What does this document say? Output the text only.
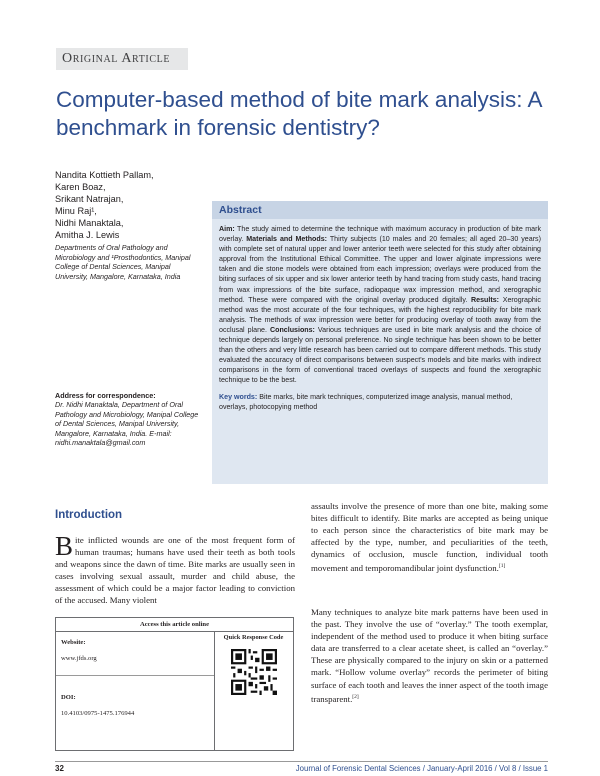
Original Article
Computer-based method of bite mark analysis: A benchmark in forensic dentistry?
Nandita Kottieth Pallam,
Karen Boaz,
Srikant Natrajan,
Minu Raj¹,
Nidhi Manaktala,
Amitha J. Lewis
Departments of Oral Pathology and Microbiology and ¹Prosthodontics, Manipal College of Dental Sciences, Manipal University, Mangalore, Karnataka, India
Address for correspondence:
Dr. Nidhi Manaktala, Department of Oral Pathology and Microbiology, Manipal College of Dental Sciences, Manipal University, Mangalore, Karnataka, India. E-mail: nidhi.manaktala@gmail.com
Abstract
Aim: The study aimed to determine the technique with maximum accuracy in production of bite mark overlay. Materials and Methods: Thirty subjects (10 males and 20 females; all aged 20–30 years) with complete set of natural upper and lower anterior teeth were selected for this study after obtaining approval from the Institutional Ethical Committee. The upper and lower alginate impressions were taken and die stone models were obtained from each impression; overlays were produced from the biting surfaces of six upper and six lower anterior teeth by hand tracing from study casts, hand tracing from wax impressions of the bite surface, radiopaque wax impression method, and xerographic method. These were compared with the original overlay produced digitally. Results: Xerographic method was the most accurate of the four techniques, with the highest reproducibility for bite mark analysis. The methods of wax impression were better for producing overlay of tooth away from the occlusal plane. Conclusions: Various techniques are used in bite mark analysis and the choice of technique depends largely on personal preference. No single technique has been shown to be better than the others and very little research has been carried out to compare different methods. This study evaluated the accuracy of direct comparisons between suspect's models and bite marks with indirect comparisons in the form of conventional traced overlays of suspects and found the xerographic technique to be the best.
Key words: Bite marks, bite mark techniques, computerized image analysis, manual method, overlays, photocopying method
Introduction

Bite inflicted wounds are one of the most frequent form of human traumas; humans have used their teeth as both tools and weapons since the dawn of time. Bite marks are usually seen in cases involving sexual assault, murder and child abuse, the assessment of which could be a major factor leading to conviction of the accused. Many violent

assaults involve the presence of more than one bite, making some bites difficult to identify. Bite marks are accepted as being unique to each person since the characteristics of bite mark may be affected by the type, number, and peculiarities of the teeth, dynamics of occlusion, muscle function, individual tooth movement and temporomandibular joint dysfunction.[1]

Many techniques to analyze bite mark patterns have been used in the past. They involve the use of “overlay.” The tooth exemplar, independent of the method used to produce it when biting surface data are transferred to a clear acetate sheet, is called an “overlay.” These are physically compared to the injury on skin or a patterned mark. “Hollow volume overlay” records the perimeter of biting surface of each tooth and leaves the inner aspect of the tooth image transparent.[2]

Access this article online
Website:
www.jfds.org
DOI:
10.4103/0975-1475.176944
Quick Response Code
32	Journal of Forensic Dental Sciences / January-April 2016 / Vol 8 / Issue 1
